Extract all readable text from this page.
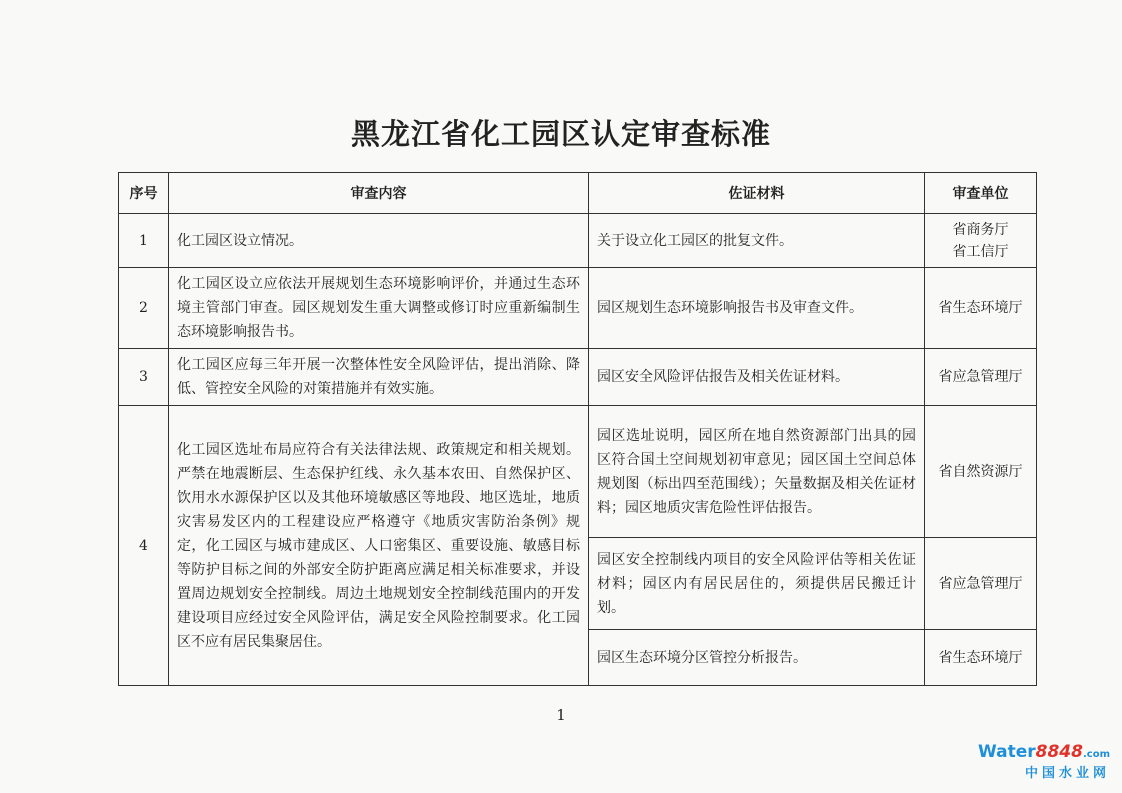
黑龙江省化工园区认定审查标准
序号	审查内容	佐证材料	审查单位
1	化工园区设立情况。	关于设立化工园区的批复文件。	省商务厅
省工信厅

2	化工园区设立应依法开展规划生态环境影响评价，并通过生态环境主管部门审查。园区规划发生重大调整或修订时应重新编制生态环境影响报告书。	园区规划生态环境影响报告书及审查文件。	省生态环境厅
3	化工园区应每三年开展一次整体性安全风险评估，提出消除、降低、管控安全风险的对策措施并有效实施。	园区安全风险评估报告及相关佐证材料。	省应急管理厅
4	化工园区选址布局应符合有关法律法规、政策规定和相关规划。严禁在地震断层、生态保护红线、永久基本农田、自然保护区、饮用水水源保护区以及其他环境敏感区等地段、地区选址，地质灾害易发区内的工程建设应严格遵守《地质灾害防治条例》规定，化工园区与城市建成区、人口密集区、重要设施、敏感目标等防护目标之间的外部安全防护距离应满足相关标准要求，并设置周边规划安全控制线。周边土地规划安全控制线范围内的开发建设项目应经过安全风险评估，满足安全风险控制要求。化工园区不应有居民集聚居住。	园区选址说明，园区所在地自然资源部门出具的园区符合国土空间规划初审意见；园区国土空间总体规划图（标出四至范围线）；矢量数据及相关佐证材料；园区地质灾害危险性评估报告。	省自然资源厅
		园区安全控制线内项目的安全风险评估等相关佐证材料；园区内有居民居住的，须提供居民搬迁计划。	省应急管理厅
		园区生态环境分区管控分析报告。	省生态环境厅
1
Water8848.com
中国水业网
